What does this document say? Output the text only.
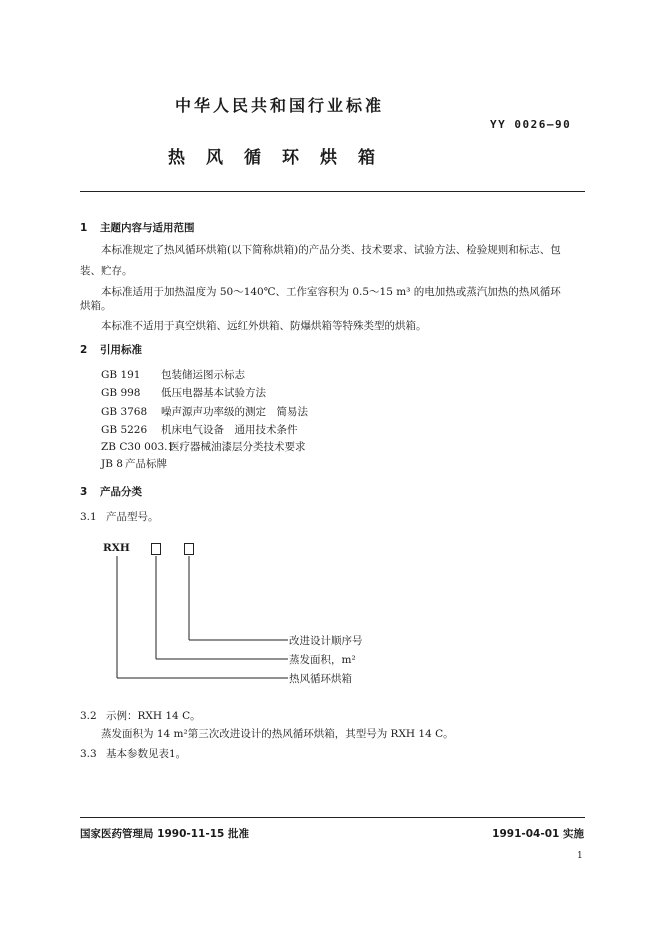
中华人民共和国行业标准
YY 0026—90
热风循环烘箱
1 主题内容与适用范围
本标准规定了热风循环烘箱(以下简称烘箱)的产品分类、技术要求、试验方法、检验规则和标志、包
装、贮存。
本标准适用于加热温度为 50～140℃、工作室容积为 0.5～15 m³ 的电加热或蒸汽加热的热风循环
烘箱。
本标准不适用于真空烘箱、远红外烘箱、防爆烘箱等特殊类型的烘箱。
2 引用标准
GB 191 包装储运图示标志
GB 998 低压电器基本试验方法
GB 3768 噪声源声功率级的测定　简易法
GB 5226 机床电气设备　通用技术条件
ZB C30 003.1医疗器械油漆层分类技术要求
JB 8 产品标牌
3 产品分类
3.1 产品型号。
RXH
改进设计顺序号
蒸发面积，m²
热风循环烘箱
3.2 示例：RXH 14 C。
蒸发面积为 14 m²第三次改进设计的热风循环烘箱，其型号为 RXH 14 C。
3.3 基本参数见表1。
国家医药管理局 1990-11-15 批准	1991-04-01 实施
1
